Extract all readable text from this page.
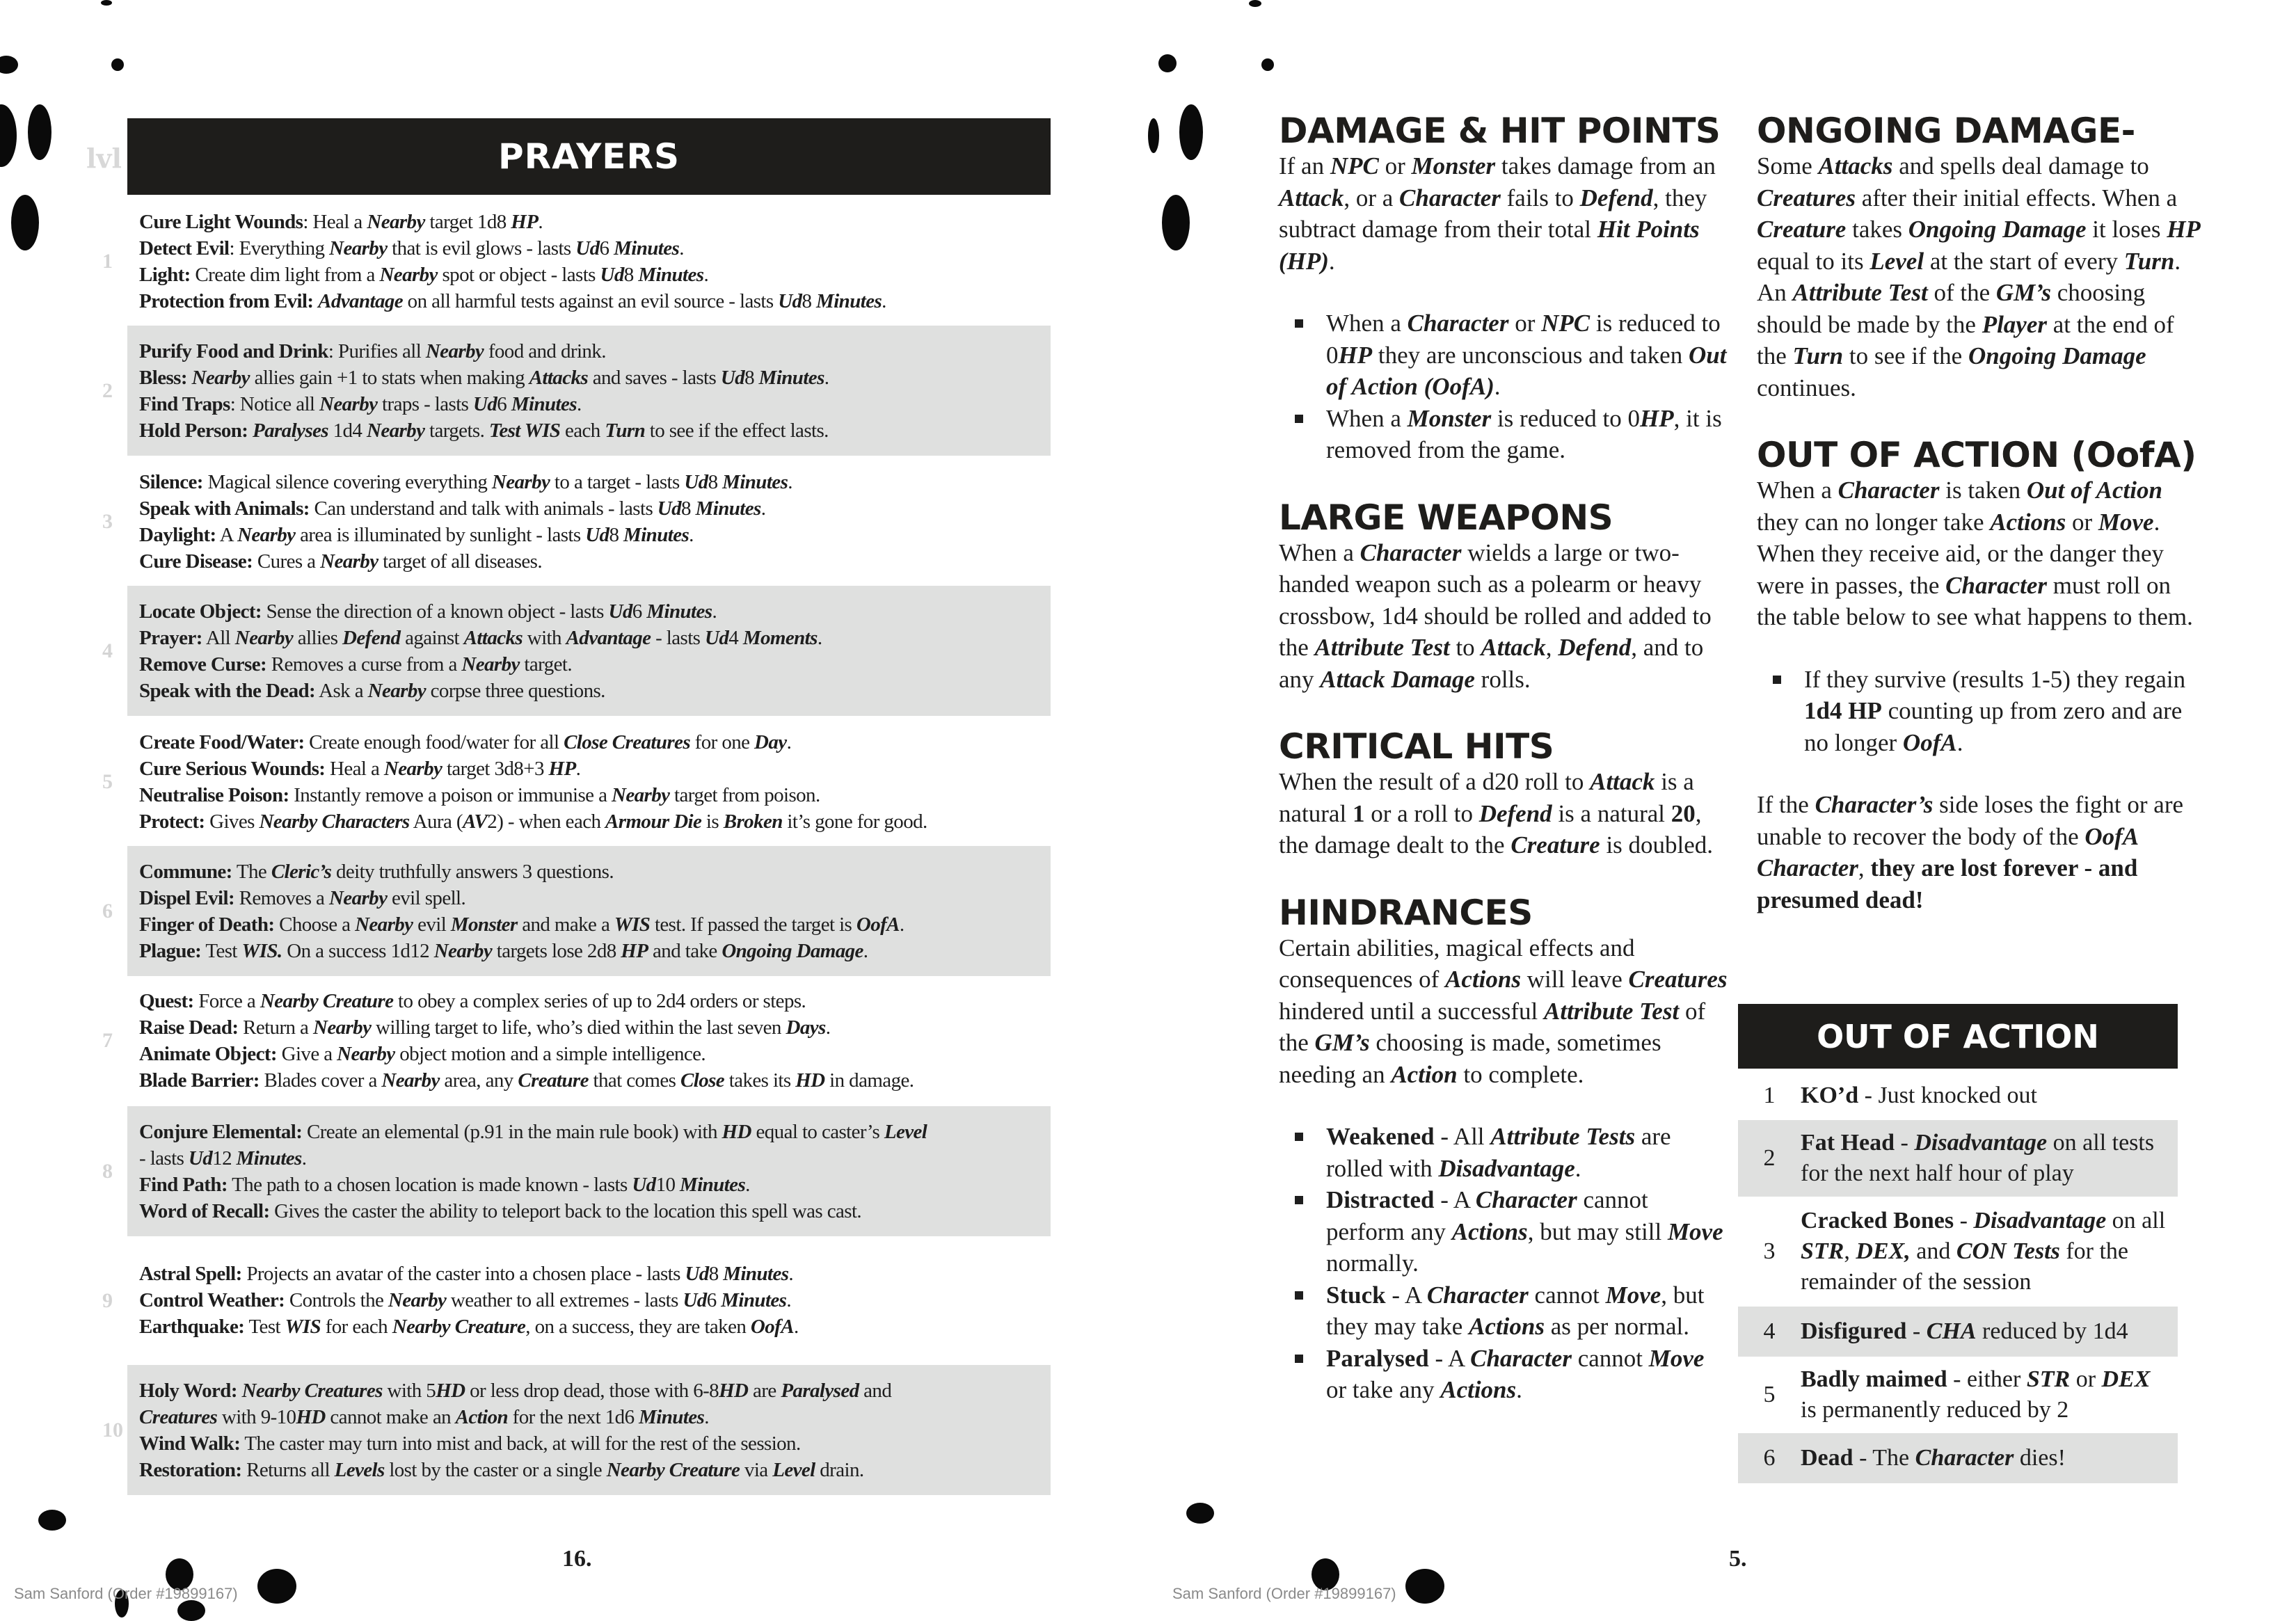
lvl	PRAYERS
1
Cure Light Wounds: Heal a Nearby target 1d8 HP.
Detect Evil: Everything Nearby that is evil glows - lasts Ud6 Minutes.
Light: Create dim light from a Nearby spot or object - lasts Ud8 Minutes.
Protection from Evil: Advantage on all harmful tests against an evil source - lasts Ud8 Minutes.
2
Purify Food and Drink: Purifies all Nearby food and drink.
Bless: Nearby allies gain +1 to stats when making Attacks and saves - lasts Ud8 Minutes.
Find Traps: Notice all Nearby traps - lasts Ud6 Minutes.
Hold Person: Paralyses 1d4 Nearby targets. Test WIS each Turn to see if the effect lasts.
3
Silence: Magical silence covering everything Nearby to a target - lasts Ud8 Minutes.
Speak with Animals: Can understand and talk with animals - lasts Ud8 Minutes.
Daylight: A Nearby area is illuminated by sunlight - lasts Ud8 Minutes.
Cure Disease: Cures a Nearby target of all diseases.
4
Locate Object: Sense the direction of a known object - lasts Ud6 Minutes.
Prayer: All Nearby allies Defend against Attacks with Advantage - lasts Ud4 Moments.
Remove Curse: Removes a curse from a Nearby target.
Speak with the Dead: Ask a Nearby corpse three questions.
5
Create Food/Water: Create enough food/water for all Close Creatures for one Day.
Cure Serious Wounds: Heal a Nearby target 3d8+3 HP.
Neutralise Poison: Instantly remove a poison or immunise a Nearby target from poison.
Protect: Gives Nearby Characters Aura (AV2) - when each Armour Die is Broken it’s gone for good.
6
Commune: The Cleric’s deity truthfully answers 3 questions.
Dispel Evil: Removes a Nearby evil spell.
Finger of Death: Choose a Nearby evil Monster and make a WIS test. If passed the target is OofA.
Plague: Test WIS. On a success 1d12 Nearby targets lose 2d8 HP and take Ongoing Damage.
7
Quest: Force a Nearby Creature to obey a complex series of up to 2d4 orders or steps.
Raise Dead: Return a Nearby willing target to life, who’s died within the last seven Days.
Animate Object: Give a Nearby object motion and a simple intelligence.
Blade Barrier: Blades cover a Nearby area, any Creature that comes Close takes its HD in damage.
8
Conjure Elemental: Create an elemental (p.91 in the main rule book) with HD equal to caster’s Level
- lasts Ud12 Minutes.
Find Path: The path to a chosen location is made known - lasts Ud10 Minutes.
Word of Recall: Gives the caster the ability to teleport back to the location this spell was cast.
9
Astral Spell: Projects an avatar of the caster into a chosen place - lasts Ud8 Minutes.
Control Weather: Controls the Nearby weather to all extremes - lasts Ud6 Minutes.
Earthquake: Test WIS for each Nearby Creature, on a success, they are taken OofA.
10
Holy Word: Nearby Creatures with 5HD or less drop dead, those with 6-8HD are Paralysed and
Creatures with 9-10HD cannot make an Action for the next 1d6 Minutes.
Wind Walk: The caster may turn into mist and back, at will for the rest of the session.
Restoration: Returns all Levels lost by the caster or a single Nearby Creature via Level drain.
16.
Sam Sanford (Order #19899167)
DAMAGE & HIT POINTS
If an NPC or Monster takes damage from an Attack, or a Character fails to Defend, they subtract damage from their total Hit Points (HP).
When a Character or NPC is reduced to 0HP they are unconscious and taken Out of Action (OofA).
When a Monster is reduced to 0HP, it is removed from the game.
LARGE WEAPONS
When a Character wields a large or two-handed weapon such as a polearm or heavy crossbow, 1d4 should be rolled and added to the Attribute Test to Attack, Defend, and to any Attack Damage rolls.
CRITICAL HITS
When the result of a d20 roll to Attack is a natural 1 or a roll to Defend is a natural 20, the damage dealt to the Creature is doubled.
HINDRANCES
Certain abilities, magical effects and consequences of Actions will leave Creatures hindered until a successful Attribute Test of the GM’s choosing is made, sometimes needing an Action to complete.
Weakened - All Attribute Tests are rolled with Disadvantage.
Distracted - A Character cannot perform any Actions, but may still Move normally.
Stuck - A Character cannot Move, but they may take Actions as per normal.
Paralysed - A Character cannot Move or take any Actions.
ONGOING DAMAGE-
Some Attacks and spells deal damage to Creatures after their initial effects. When a Creature takes Ongoing Damage it loses HP equal to its Level at the start of every Turn. An Attribute Test of the GM’s choosing should be made by the Player at the end of the Turn to see if the Ongoing Damage continues.
OUT OF ACTION (OofA)
When a Character is taken Out of Action they can no longer take Actions or Move. When they receive aid, or the danger they were in passes, the Character must roll on the table below to see what happens to them.
If they survive (results 1-5) they regain 1d4 HP counting up from zero and are no longer OofA.
If the Character’s side loses the fight or are unable to recover the body of the OofA Character, they are lost forever - and presumed dead!
OUT OF ACTION
1	KO’d - Just knocked out
2
Fat Head - Disadvantage on all tests for the next half hour of play
3
Cracked Bones - Disadvantage on all STR, DEX, and CON Tests for the remainder of the session
4	Disfigured - CHA reduced by 1d4
5
Badly maimed - either STR or DEX is permanently reduced by 2
6	Dead - The Character dies!
5.
Sam Sanford (Order #19899167)
